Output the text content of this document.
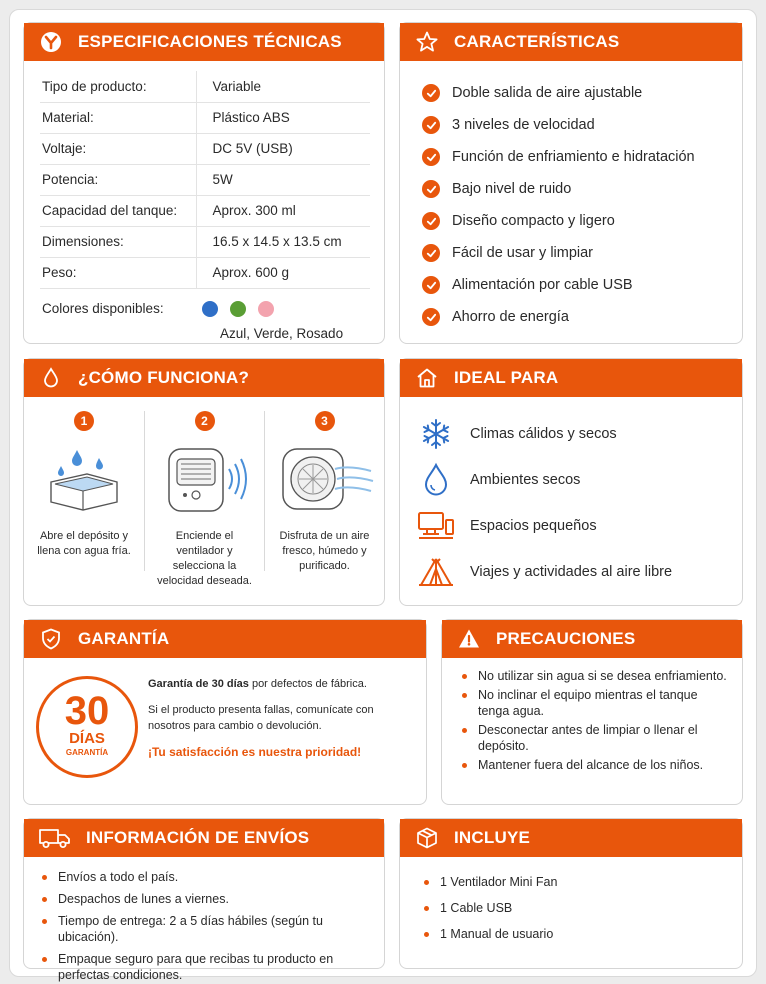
ESPECIFICACIONES TÉCNICAS
Tipo de producto:	Variable
Material:	Plástico ABS
Voltaje:	DC 5V (USB)
Potencia:	5W
Capacidad del tanque:	Aprox. 300 ml
Dimensiones:	16.5 x 14.5 x 13.5 cm
Peso:	Aprox. 600 g
Colores disponibles:
Azul, Verde, Rosado
CARACTERÍSTICAS
Doble salida de aire ajustable
3 niveles de velocidad
Función de enfriamiento e hidratación
Bajo nivel de ruido
Diseño compacto y ligero
Fácil de usar y limpiar
Alimentación por cable USB
Ahorro de energía
¿CÓMO FUNCIONA?
1
Abre el depósito y llena con agua fría.
2
Enciende el ventilador y selecciona la velocidad deseada.
3
Disfruta de un aire fresco, húmedo y purificado.
IDEAL PARA
Climas cálidos y secos
Ambientes secos
Espacios pequeños
Viajes y actividades al aire libre
GARANTÍA
30
DÍAS
GARANTÍA

Garantía de 30 días por defectos de fábrica.

Si el producto presenta fallas, comunícate con nosotros para cambio o devolución.

¡Tu satisfacción es nuestra prioridad!

PRECAUCIONES
No utilizar sin agua si se desea enfriamiento.
No inclinar el equipo mientras el tanque tenga agua.
Desconectar antes de limpiar o llenar el depósito.
Mantener fuera del alcance de los niños.
INFORMACIÓN DE ENVÍOS
Envíos a todo el país.
Despachos de lunes a viernes.
Tiempo de entrega: 2 a 5 días hábiles (según tu ubicación).
Empaque seguro para que recibas tu producto en perfectas condiciones.
INCLUYE
1 Ventilador Mini Fan
1 Cable USB
1 Manual de usuario
